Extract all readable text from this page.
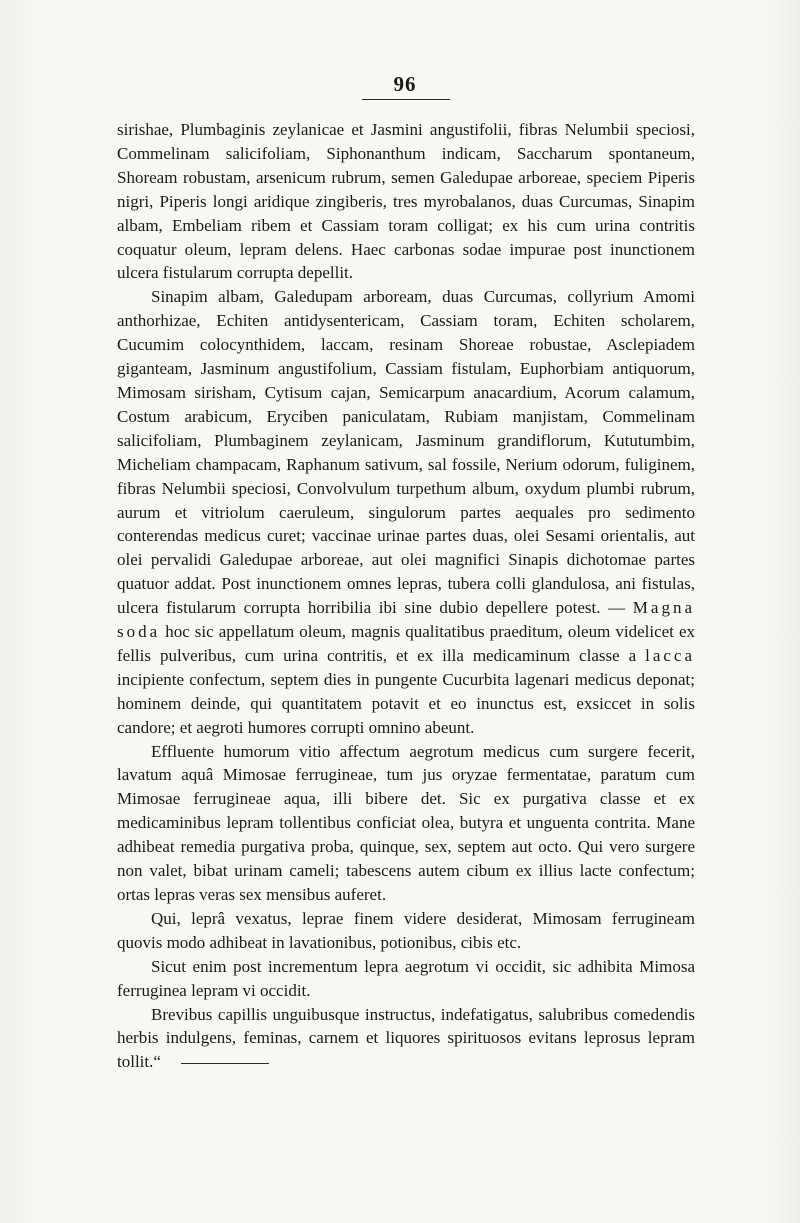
96

sirishae, Plumbaginis zeylanicae et Jasmini angustifolii, fibras Nelumbii speciosi, Commelinam salicifoliam, Siphonanthum indicam, Saccharum spontaneum, Shoream robustam, arsenicum rubrum, semen Galedupae arboreae, speciem Piperis nigri, Piperis longi aridique zingiberis, tres myrobalanos, duas Curcumas, Sinapim albam, Embeliam ribem et Cassiam toram colligat; ex his cum urina contritis coquatur oleum, lepram delens. Haec carbonas sodae impurae post inunctionem ulcera fistularum corrupta depellit.

Sinapim albam, Galedupam arboream, duas Curcumas, collyrium Amomi anthorhizae, Echiten antidysentericam, Cassiam toram, Echiten scholarem, Cucumim colocynthidem, laccam, resinam Shoreae robustae, Asclepiadem giganteam, Jasminum angustifolium, Cassiam fistulam, Euphorbiam antiquorum, Mimosam sirisham, Cytisum cajan, Semicarpum anacardium, Acorum calamum, Costum arabicum, Eryciben paniculatam, Rubiam manjistam, Commelinam salicifoliam, Plumbaginem zeylanicam, Jasminum grandiflorum, Kututumbim, Micheliam champacam, Raphanum sativum, sal fossile, Nerium odorum, fuliginem, fibras Nelumbii speciosi, Convolvulum turpethum album, oxydum plumbi rubrum, aurum et vitriolum caeruleum, singulorum partes aequales pro sedimento conterendas medicus curet; vaccinae urinae partes duas, olei Sesami orientalis, aut olei pervalidi Galedupae arboreae, aut olei magnifici Sinapis dichotomae partes quatuor addat. Post inunctionem omnes lepras, tubera colli glandulosa, ani fistulas, ulcera fistularum corrupta horribilia ibi sine dubio depellere potest. — Magna soda hoc sic appellatum oleum, magnis qualitatibus praeditum, oleum videlicet ex fellis pulveribus, cum urina contritis, et ex illa medicaminum classe a lacca incipiente confectum, septem dies in pungente Cucurbita lagenari medicus deponat; hominem deinde, qui quantitatem potavit et eo inunctus est, exsiccet in solis candore; et aegroti humores corrupti omnino abeunt.

Effluente humorum vitio affectum aegrotum medicus cum surgere fecerit, lavatum aquâ Mimosae ferrugineae, tum jus oryzae fermentatae, paratum cum Mimosae ferrugineae aqua, illi bibere det. Sic ex purgativa classe et ex medicaminibus lepram tollentibus conficiat olea, butyra et unguenta contrita. Mane adhibeat remedia purgativa proba, quinque, sex, septem aut octo. Qui vero surgere non valet, bibat urinam cameli; tabescens autem cibum ex illius lacte confectum; ortas lepras veras sex mensibus auferet.

Qui, leprâ vexatus, leprae finem videre desiderat, Mimosam ferrugineam quovis modo adhibeat in lavationibus, potionibus, cibis etc.

Sicut enim post incrementum lepra aegrotum vi occidit, sic adhibita Mimosa ferruginea lepram vi occidit.

Brevibus capillis unguibusque instructus, indefatigatus, salubribus comedendis herbis indulgens, feminas, carnem et liquores spirituosos evitans leprosus lepram tollit.“
